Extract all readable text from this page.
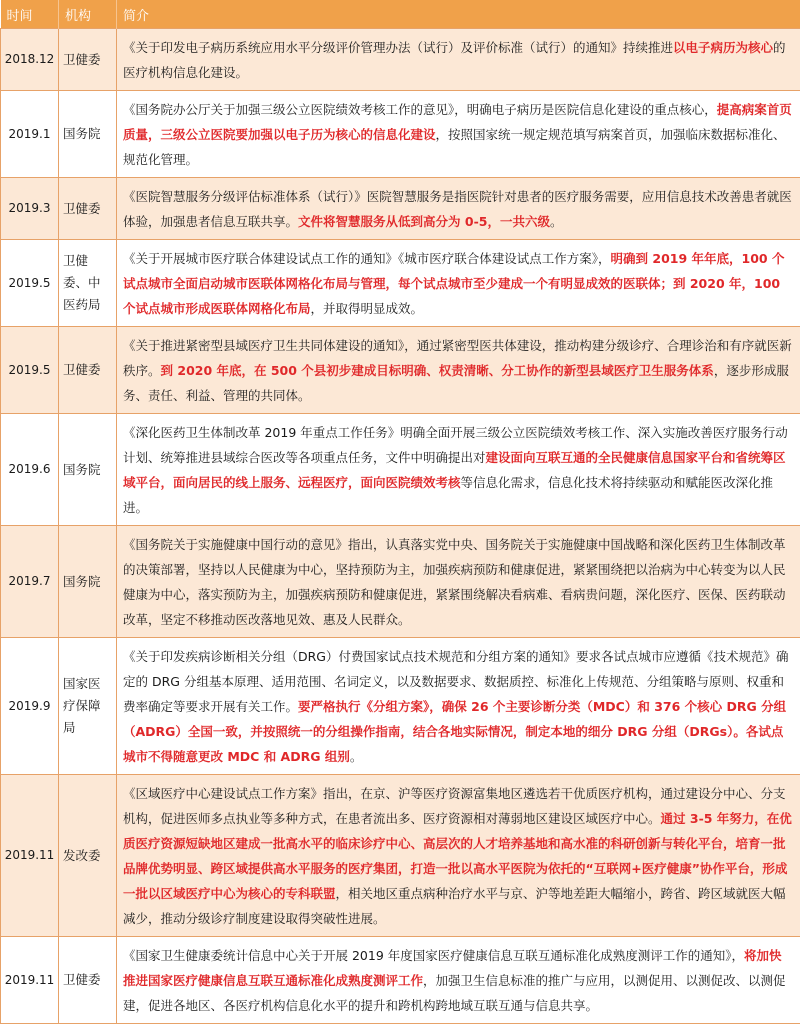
时间	机构	简介
2018.12	卫健委	《关于印发电子病历系统应用水平分级评价管理办法（试行）及评价标准（试行）的通知》持续推进以电子病历为核心的医疗机构信息化建设。
2019.1	国务院	《国务院办公厅关于加强三级公立医院绩效考核工作的意见》，明确电子病历是医院信息化建设的重点核心，提高病案首页质量，三级公立医院要加强以电子历为核心的信息化建设，按照国家统一规定规范填写病案首页，加强临床数据标准化、规范化管理。
2019.3	卫健委	《医院智慧服务分级评估标准体系（试行）》医院智慧服务是指医院针对患者的医疗服务需要，应用信息技术改善患者就医体验，加强患者信息互联共享。文件将智慧服务从低到高分为 0-5，一共六级。
2019.5	卫健委、中医药局	《关于开展城市医疗联合体建设试点工作的通知》《城市医疗联合体建设试点工作方案》，明确到 2019 年年底，100 个试点城市全面启动城市医联体网格化布局与管理，每个试点城市至少建成一个有明显成效的医联体；到 2020 年，100 个试点城市形成医联体网格化布局，并取得明显成效。
2019.5	卫健委	《关于推进紧密型县域医疗卫生共同体建设的通知》，通过紧密型医共体建设，推动构建分级诊疗、合理诊治和有序就医新秩序。到 2020 年底，在 500 个县初步建成目标明确、权责清晰、分工协作的新型县域医疗卫生服务体系，逐步形成服务、责任、利益、管理的共同体。
2019.6	国务院	《深化医药卫生体制改革 2019 年重点工作任务》明确全面开展三级公立医院绩效考核工作、深入实施改善医疗服务行动计划、统筹推进县域综合医改等各项重点任务，文件中明确提出对建设面向互联互通的全民健康信息国家平台和省统筹区域平台，面向居民的线上服务、远程医疗，面向医院绩效考核等信息化需求，信息化技术将持续驱动和赋能医改深化推进。
2019.7	国务院	《国务院关于实施健康中国行动的意见》指出，认真落实党中央、国务院关于实施健康中国战略和深化医药卫生体制改革的决策部署，坚持以人民健康为中心，坚持预防为主，加强疾病预防和健康促进，紧紧围绕把以治病为中心转变为以人民健康为中心，落实预防为主，加强疾病预防和健康促进，紧紧围绕解决看病难、看病贵问题，深化医疗、医保、医药联动改革，坚定不移推动医改落地见效、惠及人民群众。
2019.9	国家医疗保障局	《关于印发疾病诊断相关分组（DRG）付费国家试点技术规范和分组方案的通知》要求各试点城市应遵循《技术规范》确定的 DRG 分组基本原理、适用范围、名词定义，以及数据要求、数据质控、标准化上传规范、分组策略与原则、权重和费率确定等要求开展有关工作。要严格执行《分组方案》，确保 26 个主要诊断分类（MDC）和 376 个核心 DRG 分组（ADRG）全国一致，并按照统一的分组操作指南，结合各地实际情况，制定本地的细分 DRG 分组（DRGs）。各试点城市不得随意更改 MDC 和 ADRG 组别。
2019.11	发改委	《区域医疗中心建设试点工作方案》指出，在京、沪等医疗资源富集地区遴选若干优质医疗机构，通过建设分中心、分支机构，促进医师多点执业等多种方式，在患者流出多、医疗资源相对薄弱地区建设区域医疗中心。通过 3-5 年努力，在优质医疗资源短缺地区建成一批高水平的临床诊疗中心、高层次的人才培养基地和高水准的科研创新与转化平台，培育一批品牌优势明显、跨区域提供高水平服务的医疗集团，打造一批以高水平医院为依托的“互联网+医疗健康”协作平台，形成一批以区域医疗中心为核心的专科联盟，相关地区重点病种治疗水平与京、沪等地差距大幅缩小，跨省、跨区域就医大幅减少，推动分级诊疗制度建设取得突破性进展。
2019.11	卫健委	《国家卫生健康委统计信息中心关于开展 2019 年度国家医疗健康信息互联互通标准化成熟度测评工作的通知》，将加快推进国家医疗健康信息互联互通标准化成熟度测评工作，加强卫生信息标准的推广与应用，以测促用、以测促改、以测促建，促进各地区、各医疗机构信息化水平的提升和跨机构跨地域互联互通与信息共享。
